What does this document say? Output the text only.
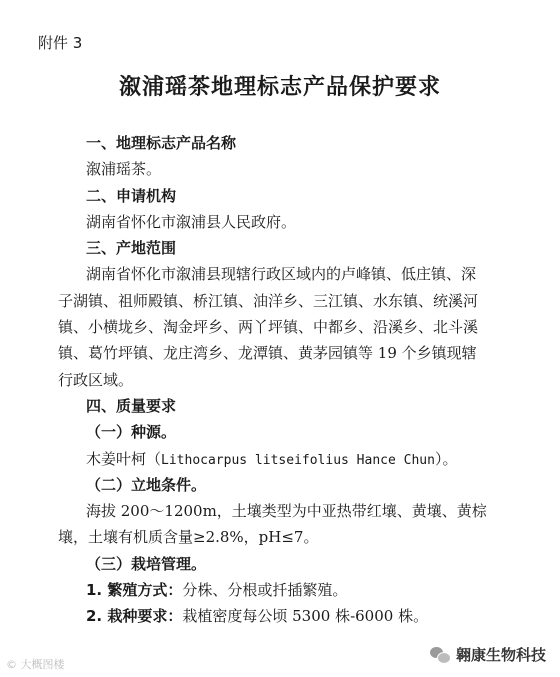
附件 3
溆浦瑶茶地理标志产品保护要求
一、地理标志产品名称
溆浦瑶茶。
二、申请机构
湖南省怀化市溆浦县人民政府。
三、产地范围
湖南省怀化市溆浦县现辖行政区域内的卢峰镇、低庄镇、深
子湖镇、祖师殿镇、桥江镇、油洋乡、三江镇、水东镇、统溪河
镇、小横垅乡、淘金坪乡、两丫坪镇、中都乡、沿溪乡、北斗溪
镇、葛竹坪镇、龙庄湾乡、龙潭镇、黄茅园镇等 19 个乡镇现辖
行政区域。
四、质量要求
（一）种源。
木姜叶柯（Lithocarpus litseifolius Hance Chun）。
（二）立地条件。
海拔 200～1200m，土壤类型为中亚热带红壤、黄壤、黄棕
壤，土壤有机质含量≥2.8%，pH≤7。
（三）栽培管理。
1. 繁殖方式：分株、分根或扦插繁殖。
2. 栽种要求：栽植密度每公顷 5300 株-6000 株。
© 大概图楼
翱康生物科技
